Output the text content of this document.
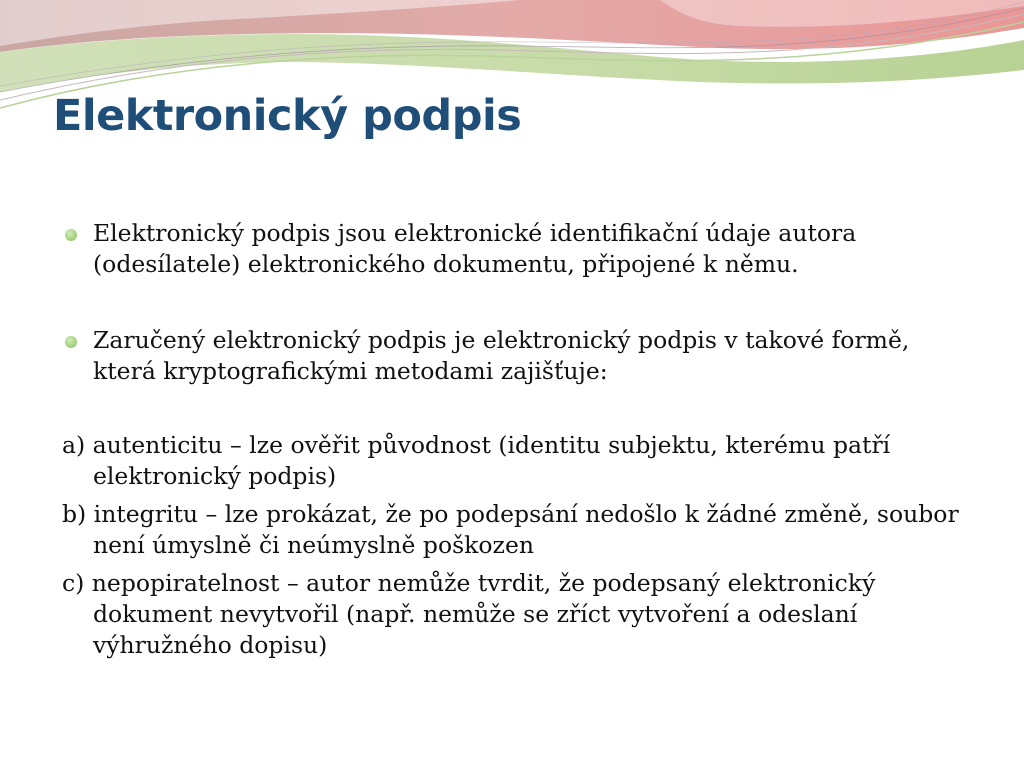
Elektronický podpis

Elektronický podpis jsou elektronické identifikační údaje autora (odesílatele) elektronického dokumentu, připojené k němu.

Zaručený elektronický podpis je elektronický podpis v takové formě, která kryptografickými metodami zajišťuje:

a) autenticitu – lze ověřit původnost (identitu subjektu, kterému patří elektronický podpis)

b) integritu – lze prokázat, že po podepsání nedošlo k žádné změně, soubor není úmyslně či neúmyslně poškozen

c) nepopiratelnost – autor nemůže tvrdit, že podepsaný elektronický dokument nevytvořil (např. nemůže se zříct vytvoření a odeslaní výhružného dopisu)
